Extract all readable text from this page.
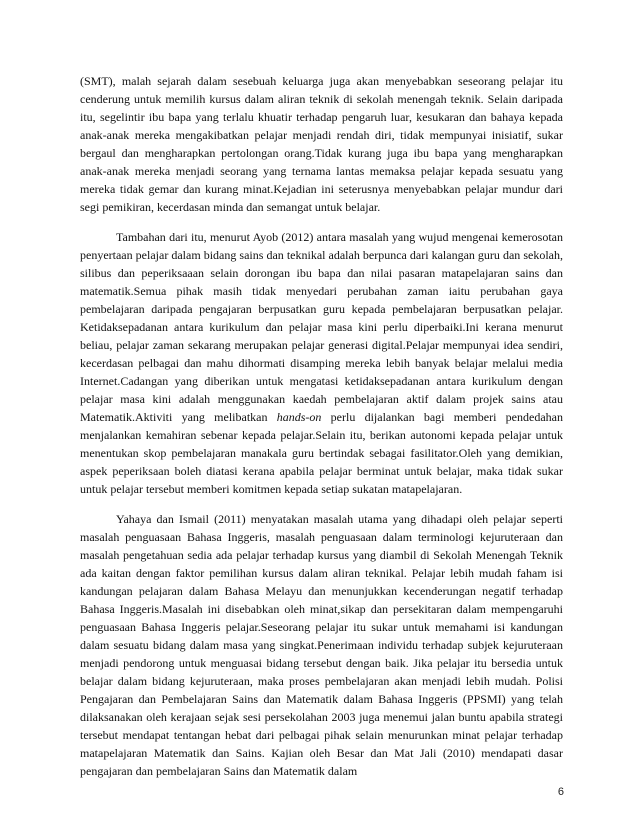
(SMT), malah sejarah dalam sesebuah keluarga juga akan menyebabkan seseorang pelajar itu cenderung untuk memilih kursus dalam aliran teknik di sekolah menengah teknik. Selain daripada itu, segelintir ibu bapa yang terlalu khuatir terhadap pengaruh luar, kesukaran dan bahaya kepada anak-anak mereka mengakibatkan pelajar menjadi rendah diri, tidak mempunyai inisiatif, sukar bergaul dan mengharapkan pertolongan orang.Tidak kurang juga ibu bapa yang mengharapkan anak-anak mereka menjadi seorang yang ternama lantas memaksa pelajar kepada sesuatu yang mereka tidak gemar dan kurang minat.Kejadian ini seterusnya menyebabkan pelajar mundur dari segi pemikiran, kecerdasan minda dan semangat untuk belajar.

Tambahan dari itu, menurut Ayob (2012) antara masalah yang wujud mengenai kemerosotan penyertaan pelajar dalam bidang sains dan teknikal adalah berpunca dari kalangan guru dan sekolah, silibus dan peperiksaaan selain dorongan ibu bapa dan nilai pasaran matapelajaran sains dan matematik.Semua pihak masih tidak menyedari perubahan zaman iaitu perubahan gaya pembelajaran daripada pengajaran berpusatkan guru kepada pembelajaran berpusatkan pelajar. Ketidaksepadanan antara kurikulum dan pelajar masa kini perlu diperbaiki.Ini kerana menurut beliau, pelajar zaman sekarang merupakan pelajar generasi digital.Pelajar mempunyai idea sendiri, kecerdasan pelbagai dan mahu dihormati disamping mereka lebih banyak belajar melalui media Internet.Cadangan yang diberikan untuk mengatasi ketidaksepadanan antara kurikulum dengan pelajar masa kini adalah menggunakan kaedah pembelajaran aktif dalam projek sains atau Matematik.Aktiviti yang melibatkan hands-on perlu dijalankan bagi memberi pendedahan menjalankan kemahiran sebenar kepada pelajar.Selain itu, berikan autonomi kepada pelajar untuk menentukan skop pembelajaran manakala guru bertindak sebagai fasilitator.Oleh yang demikian, aspek peperiksaan boleh diatasi kerana apabila pelajar berminat untuk belajar, maka tidak sukar untuk pelajar tersebut memberi komitmen kepada setiap sukatan matapelajaran.

Yahaya dan Ismail (2011) menyatakan masalah utama yang dihadapi oleh pelajar seperti masalah penguasaan Bahasa Inggeris, masalah penguasaan dalam terminologi kejuruteraan dan masalah pengetahuan sedia ada pelajar terhadap kursus yang diambil di Sekolah Menengah Teknik ada kaitan dengan faktor pemilihan kursus dalam aliran teknikal. Pelajar lebih mudah faham isi kandungan pelajaran dalam Bahasa Melayu dan menunjukkan kecenderungan negatif terhadap Bahasa Inggeris.Masalah ini disebabkan oleh minat,sikap dan persekitaran dalam mempengaruhi penguasaan Bahasa Inggeris pelajar.Seseorang pelajar itu sukar untuk memahami isi kandungan dalam sesuatu bidang dalam masa yang singkat.Penerimaan individu terhadap subjek kejuruteraan menjadi pendorong untuk menguasai bidang tersebut dengan baik. Jika pelajar itu bersedia untuk belajar dalam bidang kejuruteraan, maka proses pembelajaran akan menjadi lebih mudah. Polisi Pengajaran dan Pembelajaran Sains dan Matematik dalam Bahasa Inggeris (PPSMI) yang telah dilaksanakan oleh kerajaan sejak sesi persekolahan 2003 juga menemui jalan buntu apabila strategi tersebut mendapat tentangan hebat dari pelbagai pihak selain menurunkan minat pelajar terhadap matapelajaran Matematik dan Sains. Kajian oleh Besar dan Mat Jali (2010) mendapati dasar pengajaran dan pembelajaran Sains dan Matematik dalam

6
